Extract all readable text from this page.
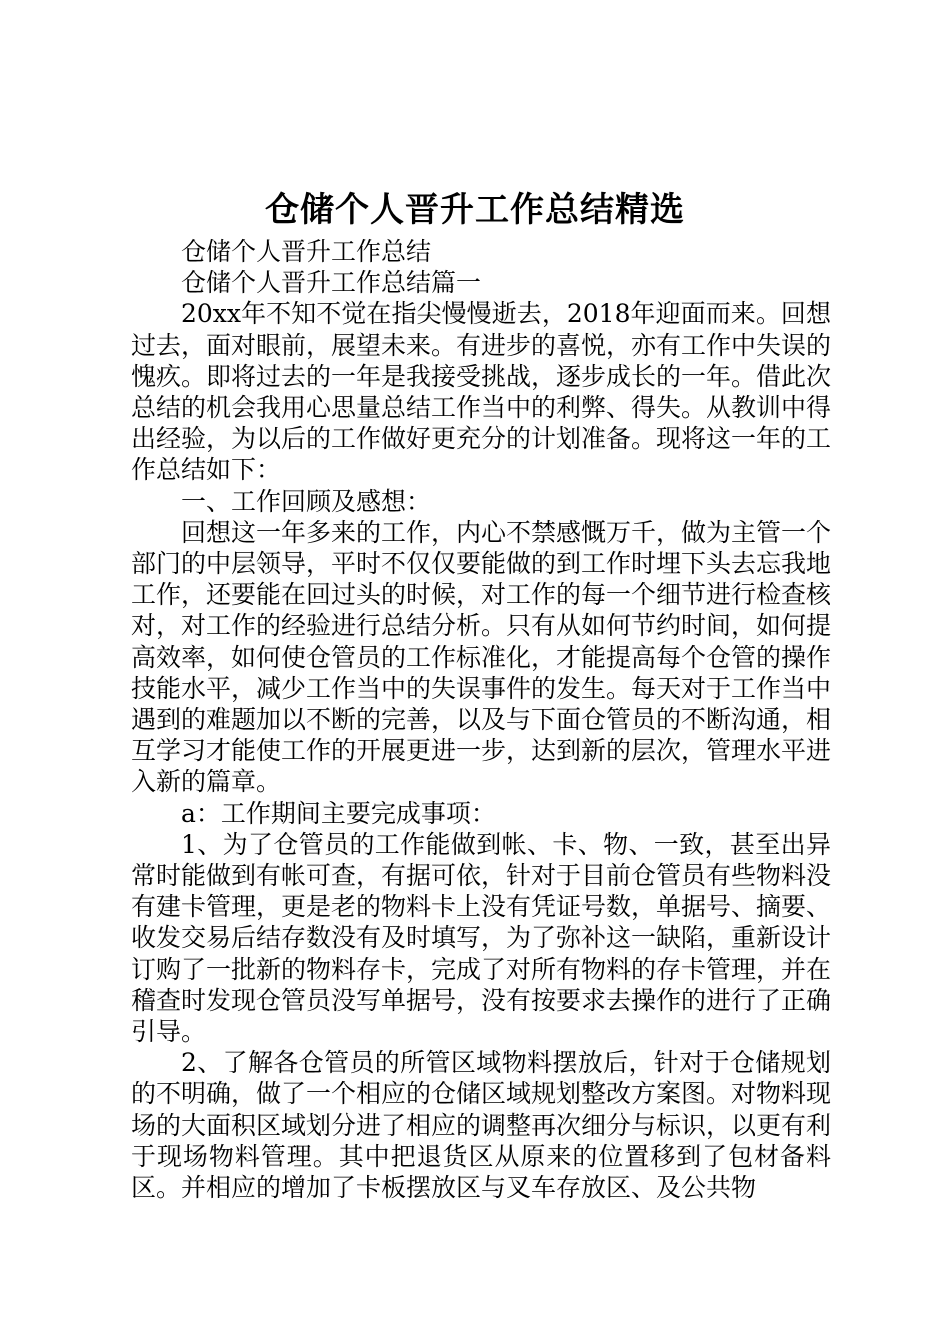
仓储个人晋升工作总结精选

仓储个人晋升工作总结

仓储个人晋升工作总结篇一

20xx年不知不觉在指尖慢慢逝去，2018年迎面而来。回想过去，面对眼前，展望未来。有进步的喜悦，亦有工作中失误的愧疚。即将过去的一年是我接受挑战，逐步成长的一年。借此次总结的机会我用心思量总结工作当中的利弊、得失。从教训中得出经验，为以后的工作做好更充分的计划准备。现将这一年的工作总结如下：

一、工作回顾及感想：

回想这一年多来的工作，内心不禁感慨万千，做为主管一个部门的中层领导，平时不仅仅要能做的到工作时埋下头去忘我地工作，还要能在回过头的时候，对工作的每一个细节进行检查核对，对工作的经验进行总结分析。只有从如何节约时间，如何提高效率，如何使仓管员的工作标准化，才能提高每个仓管的操作技能水平，减少工作当中的失误事件的发生。每天对于工作当中遇到的难题加以不断的完善，以及与下面仓管员的不断沟通，相互学习才能使工作的开展更进一步，达到新的层次，管理水平进入新的篇章。

a：工作期间主要完成事项：

1、为了仓管员的工作能做到帐、卡、物、一致，甚至出异常时能做到有帐可查，有据可依，针对于目前仓管员有些物料没有建卡管理，更是老的物料卡上没有凭证号数，单据号、摘要、收发交易后结存数没有及时填写，为了弥补这一缺陷，重新设计订购了一批新的物料存卡，完成了对所有物料的存卡管理，并在稽查时发现仓管员没写单据号，没有按要求去操作的进行了正确引导。

2、了解各仓管员的所管区域物料摆放后，针对于仓储规划的不明确，做了一个相应的仓储区域规划整改方案图。对物料现场的大面积区域划分进了相应的调整再次细分与标识，以更有利于现场物料管理。其中把退货区从原来的位置移到了包材备料区。并相应的增加了卡板摆放区与叉车存放区、及公共物
